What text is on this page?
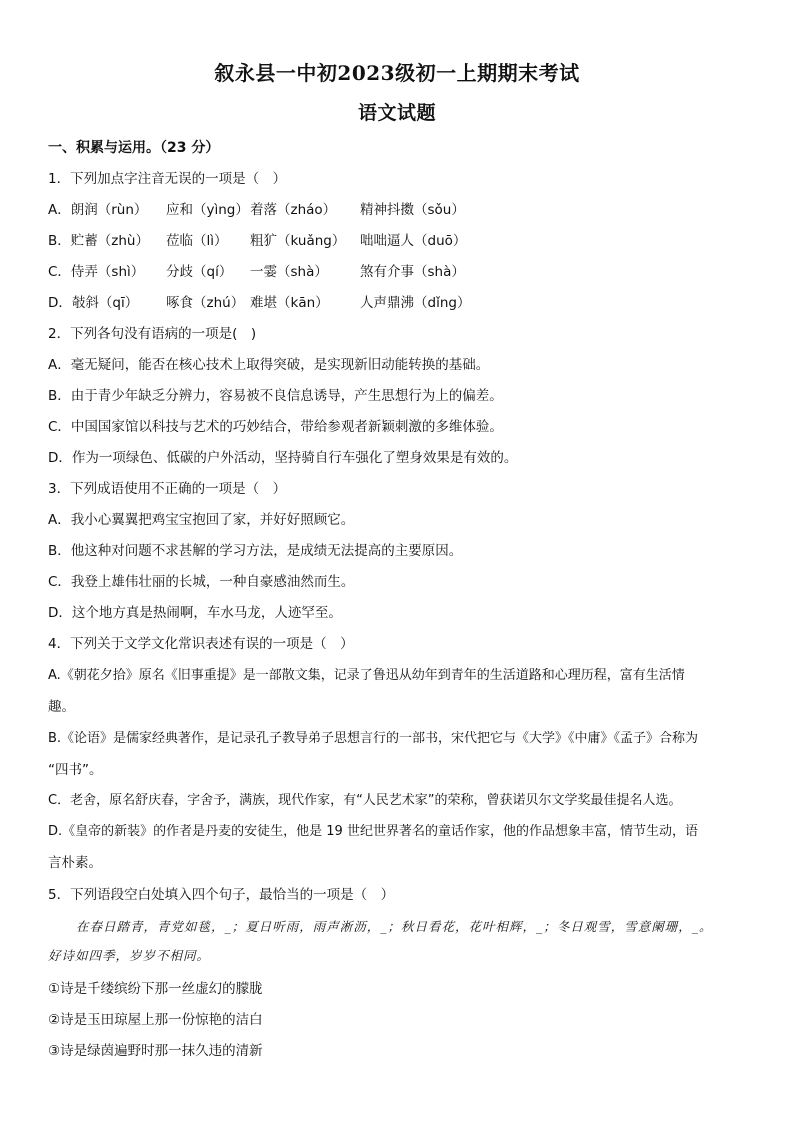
叙永县一中初2023级初一上期期末考试
语文试题
一、积累与运用。（23 分）
1．下列加点字注音无误的一项是（　）
A．朗润（rùn） 应和（yìng）着落（zháo） 精神抖擞（sǒu）
B．贮蓄（zhù） 莅临（lì） 粗犷（kuǎng） 咄咄逼人（duō）
C．侍弄（shì） 分歧（qí） 一霎（shà） 煞有介事（shà）
D．攲斜（qī） 啄食（zhú） 难堪（kān） 人声鼎沸（dǐng）
2．下列各句没有语病的一项是(　)
A．毫无疑问，能否在核心技术上取得突破，是实现新旧动能转换的基础。
B．由于青少年缺乏分辨力，容易被不良信息诱导，产生思想行为上的偏差。
C．中国国家馆以科技与艺术的巧妙结合，带给参观者新颖刺激的多维体验。
D．作为一项绿色、低碳的户外活动，坚持骑自行车强化了塑身效果是有效的。
3．下列成语使用不正确的一项是（　）
A．我小心翼翼把鸡宝宝抱回了家，并好好照顾它。
B．他这种对问题不求甚解的学习方法，是成绩无法提高的主要原因。
C．我登上雄伟壮丽的长城，一种自豪感油然而生。
D．这个地方真是热闹啊，车水马龙，人迹罕至。
4．下列关于文学文化常识表述有误的一项是（　）
A.《朝花夕拾》原名《旧事重提》是一部散文集，记录了鲁迅从幼年到青年的生活道路和心理历程，富有生活情
趣。
B.《论语》是儒家经典著作，是记录孔子教导弟子思想言行的一部书，宋代把它与《大学》《中庸》《孟子》合称为
“四书”。
C．老舍，原名舒庆春，字舍予，满族，现代作家，有“人民艺术家”的荣称，曾获诺贝尔文学奖最佳提名人选。
D.《皇帝的新装》的作者是丹麦的安徒生，他是 19 世纪世界著名的童话作家，他的作品想象丰富，情节生动，语
言朴素。
5．下列语段空白处填入四个句子，最恰当的一项是（　）
在春日踏青，青党如毯，_；夏日听雨，雨声淅沥，_；秋日看花，花叶相辉，_；冬日观雪，雪意阑珊，_。
好诗如四季，岁岁不相同。
①诗是千缕缤纷下那一丝虚幻的朦胧
②诗是玉田琼屋上那一份惊艳的洁白
③诗是绿茵遍野时那一抹久违的清新
